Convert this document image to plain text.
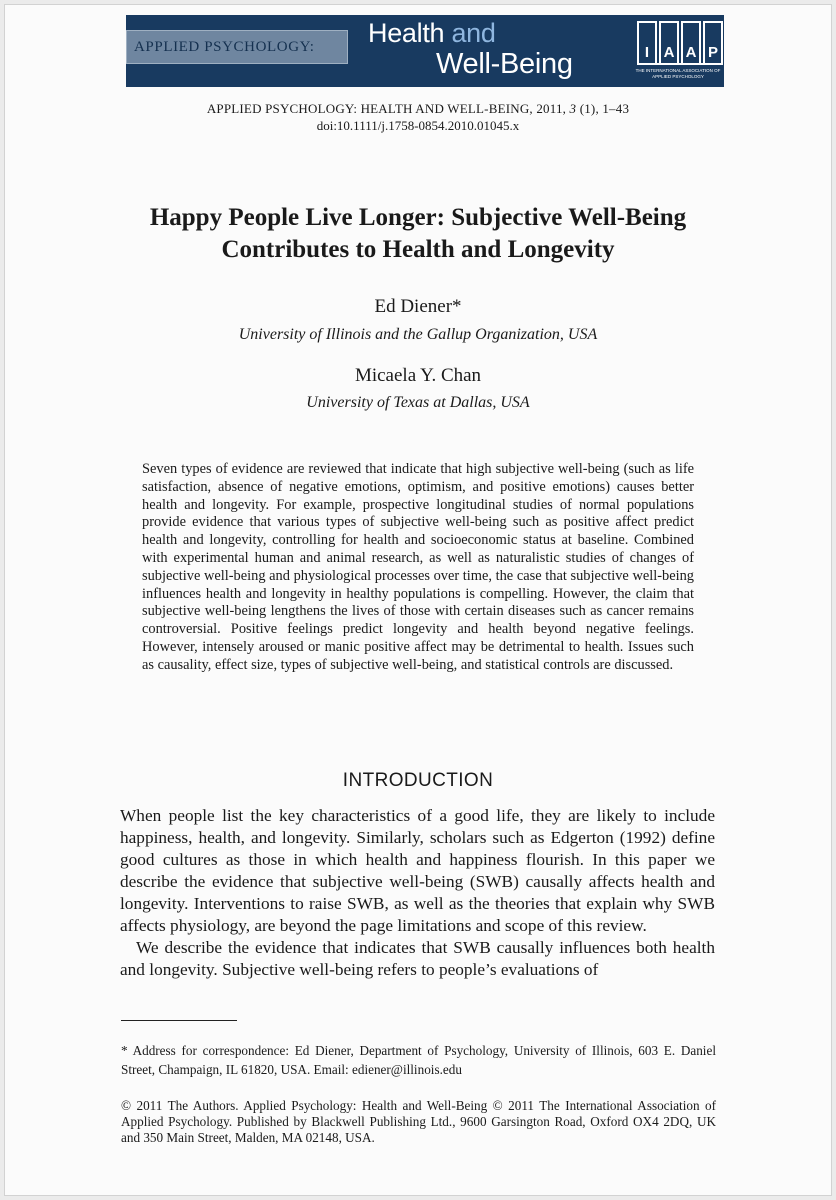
APPLIED PSYCHOLOGY: Health and
Well-Being	I A A P
THE INTERNATIONAL ASSOCIATION OF APPLIED PSYCHOLOGY
APPLIED PSYCHOLOGY: HEALTH AND WELL-BEING, 2011, 3 (1), 1–43
doi:10.1111/j.1758-0854.2010.01045.x
Happy People Live Longer: Subjective Well-Being Contributes to Health and Longevity
Ed Diener*
University of Illinois and the Gallup Organization, USA
Micaela Y. Chan
University of Texas at Dallas, USA

Seven types of evidence are reviewed that indicate that high subjective well-being (such as life satisfaction, absence of negative emotions, optimism, and positive emotions) causes better health and longevity. For example, prospective longitudinal studies of normal populations provide evidence that various types of subjective well-being such as positive affect predict health and longevity, controlling for health and socioeconomic status at baseline. Combined with experimental human and animal research, as well as naturalistic studies of changes of subjective well-being and physiological processes over time, the case that subjective well-being influences health and longevity in healthy populations is compelling. However, the claim that subjective well-being lengthens the lives of those with certain diseases such as cancer remains controversial. Positive feelings predict longevity and health beyond negative feelings. However, intensely aroused or manic positive affect may be detrimental to health. Issues such as causality, effect size, types of subjective well-being, and statistical controls are discussed.

INTRODUCTION

When people list the key characteristics of a good life, they are likely to include happiness, health, and longevity. Similarly, scholars such as Edgerton (1992) define good cultures as those in which health and happiness flourish. In this paper we describe the evidence that subjective well-being (SWB) causally affects health and longevity. Interventions to raise SWB, as well as the theories that explain why SWB affects physiology, are beyond the page limitations and scope of this review.

We describe the evidence that indicates that SWB causally influences both health and longevity. Subjective well-being refers to people’s evaluations of

* Address for correspondence: Ed Diener, Department of Psychology, University of Illinois, 603 E. Daniel Street, Champaign, IL 61820, USA. Email: ediener@illinois.edu

© 2011 The Authors. Applied Psychology: Health and Well-Being © 2011 The International Association of Applied Psychology. Published by Blackwell Publishing Ltd., 9600 Garsington Road, Oxford OX4 2DQ, UK and 350 Main Street, Malden, MA 02148, USA.
